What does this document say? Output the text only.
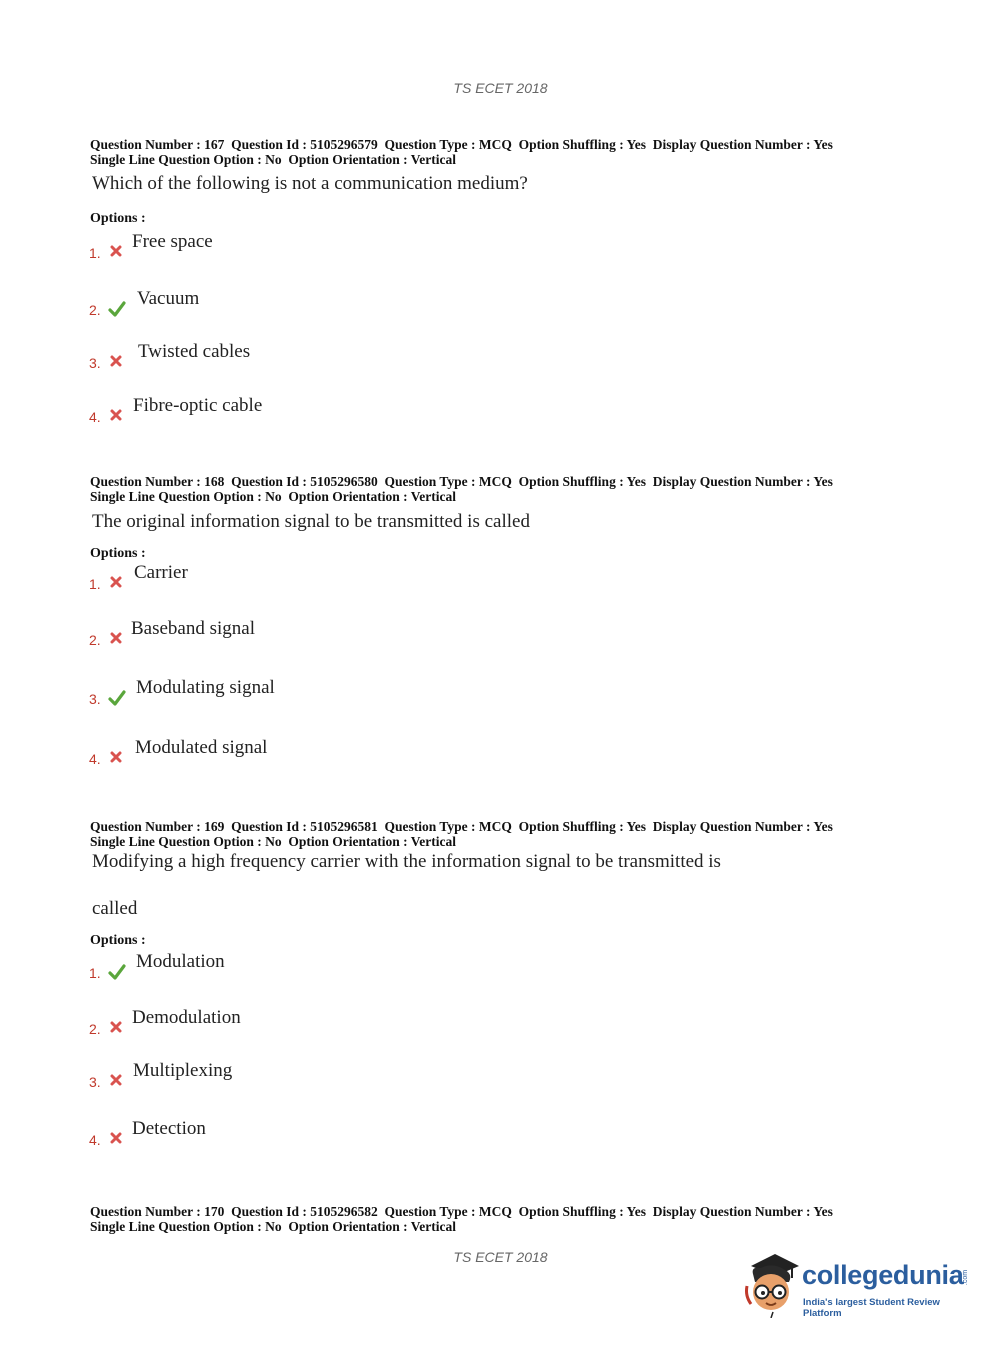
TS ECET 2018
Question Number : 167  Question Id : 5105296579  Question Type : MCQ  Option Shuffling : Yes  Display Question Number : Yes
Single Line Question Option : No  Option Orientation : Vertical
Which of the following is not a communication medium?
Options :
1.
Free space
2.
Vacuum
3.
Twisted cables
4.
Fibre-optic cable
Question Number : 168  Question Id : 5105296580  Question Type : MCQ  Option Shuffling : Yes  Display Question Number : Yes
Single Line Question Option : No  Option Orientation : Vertical
The original information signal to be transmitted is called
Options :
1.
Carrier
2.
Baseband signal
3.
Modulating signal
4.
Modulated signal
Question Number : 169  Question Id : 5105296581  Question Type : MCQ  Option Shuffling : Yes  Display Question Number : Yes
Single Line Question Option : No  Option Orientation : Vertical
Modifying a high frequency carrier with the information signal to be transmitted is
called
Options :
1.
Modulation
2.
Demodulation
3.
Multiplexing
4.
Detection
Question Number : 170  Question Id : 5105296582  Question Type : MCQ  Option Shuffling : Yes  Display Question Number : Yes
Single Line Question Option : No  Option Orientation : Vertical
TS ECET 2018
collegedunia
.com
India's largest Student Review Platform
